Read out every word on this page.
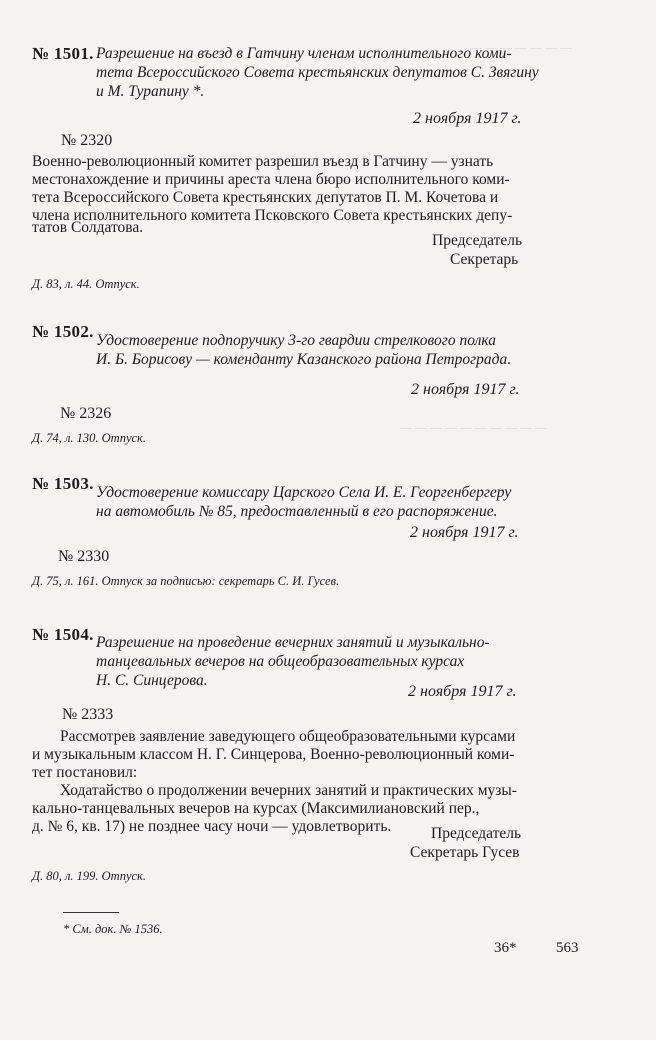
— — — — — — —
— — — — — — — — — —
№ 1501. Разрешение на въезд в Гатчину членам исполнительного коми-
тета Всероссийского Совета крестьянских депутатов С. Звягину
и М. Турапину *.
2 ноября 1917 г.
№ 2320
Военно-революционный комитет разрешил въезд в Гатчину — узнать
местонахождение и причины ареста члена бюро исполнительного коми-
тета Всероссийского Совета крестьянских депутатов П. М. Кочетова и
члена исполнительного комитета Псковского Совета крестьянских депу-
татов Солдатова.
Председатель
Секретарь
Д. 83, л. 44. Отпуск.
№ 1502. Удостоверение подпоручику 3-го гвардии стрелкового полка
И. Б. Борисову — коменданту Казанского района Петрограда.
2 ноября 1917 г.
№ 2326
Д. 74, л. 130. Отпуск.
№ 1503. Удостоверение комиссару Царского Села И. Е. Георгенбергеру
на автомобиль № 85, предоставленный в его распоряжение.
2 ноября 1917 г.
№ 2330
Д. 75, л. 161. Отпуск за подписью: секретарь С. И. Гусев.
№ 1504. Разрешение на проведение вечерних занятий и музыкально-
танцевальных вечеров на общеобразовательных курсах
Н. С. Синцерова.
2 ноября 1917 г.
№ 2333
Рассмотрев заявление заведующего общеобразовательными курсами
и музыкальным классом Н. Г. Синцерова, Военно-революционный коми-
тет постановил:
Ходатайство о продолжении вечерних занятий и практических музы-
кально-танцевальных вечеров на курсах (Максимилиановский пер.,
д. № 6, кв. 17) не позднее часу ночи — удовлетворить.	Председатель
Секретарь Гусев
Д. 80, л. 199. Отпуск.
* См. док. № 1536.
36*	563
